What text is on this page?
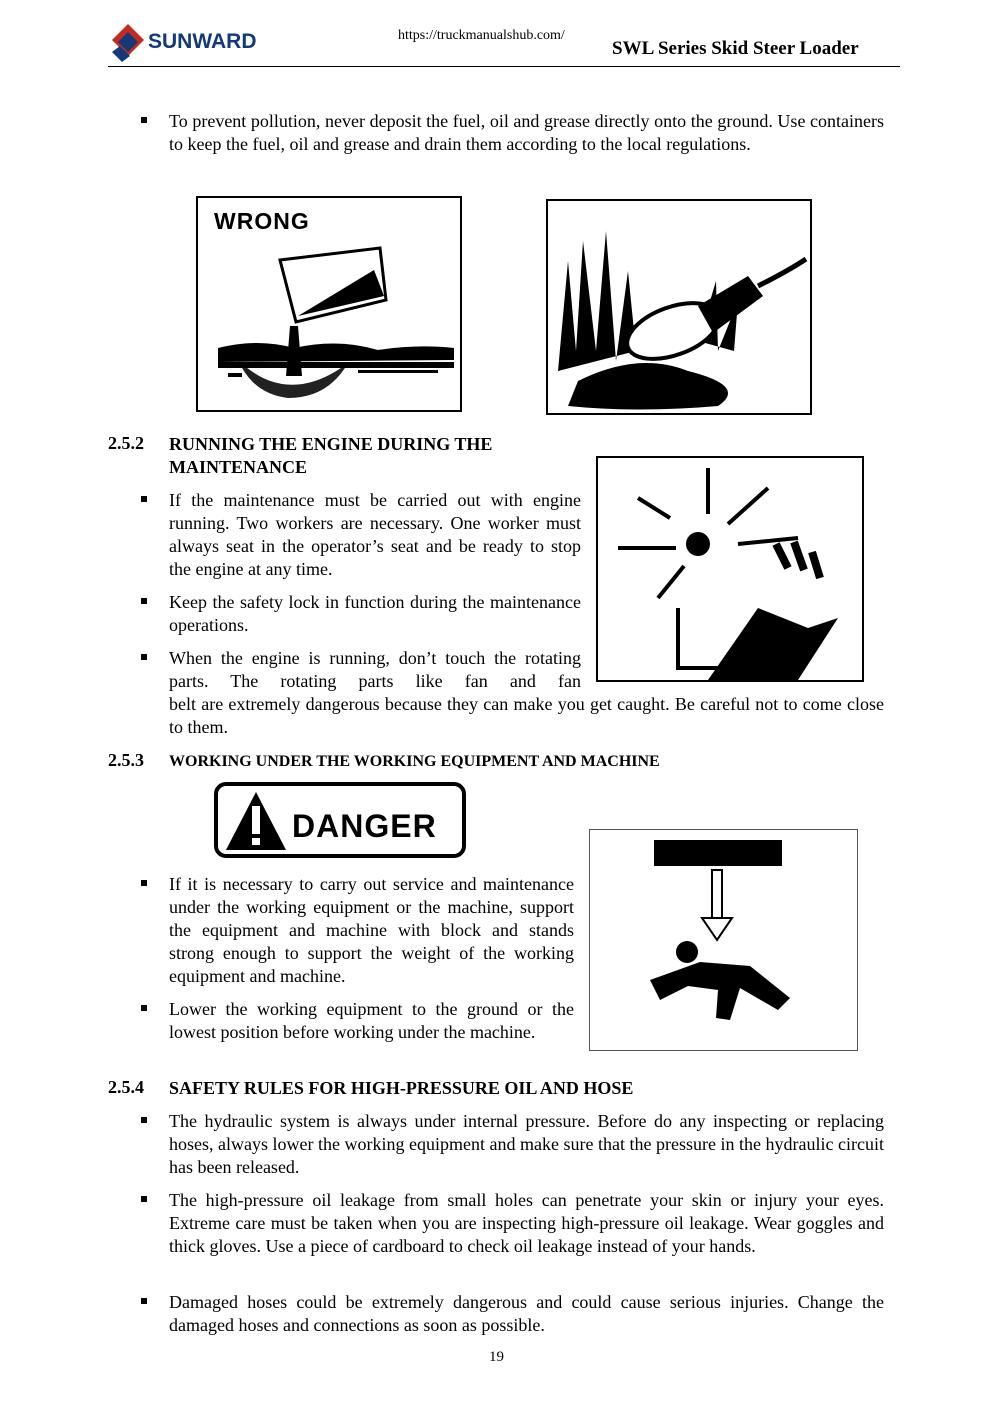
SUNWARD	https://truckmanualshub.com/
SWL Series Skid Steer Loader
To prevent pollution, never deposit the fuel, oil and grease directly onto the ground. Use containers to keep the fuel, oil and grease and drain them according to the local regulations.
WRONG
2.5.2 RUNNING THE ENGINE DURING THE MAINTENANCE
If the maintenance must be carried out with engine running. Two workers are necessary. One worker must always seat in the operator’s seat and be ready to stop the engine at any time.
Keep the safety lock in function during the maintenance operations.
When the engine is running, don’t touch the rotating parts. The rotating parts like fan and fan
belt are extremely dangerous because they can make you get caught. Be careful not to come close to them.
2.5.3 WORKING UNDER THE WORKING EQUIPMENT AND MACHINE
DANGER
If it is necessary to carry out service and maintenance under the working equipment or the machine, support the equipment and machine with block and stands strong enough to support the weight of the working equipment and machine.
Lower the working equipment to the ground or the lowest position before working under the machine.
2.5.4 SAFETY RULES FOR HIGH-PRESSURE OIL AND HOSE
The hydraulic system is always under internal pressure. Before do any inspecting or replacing hoses, always lower the working equipment and make sure that the pressure in the hydraulic circuit has been released.
The high-pressure oil leakage from small holes can penetrate your skin or injury your eyes. Extreme care must be taken when you are inspecting high-pressure oil leakage. Wear goggles and thick gloves. Use a piece of cardboard to check oil leakage instead of your hands.
Damaged hoses could be extremely dangerous and could cause serious injuries. Change the damaged hoses and connections as soon as possible.
19
